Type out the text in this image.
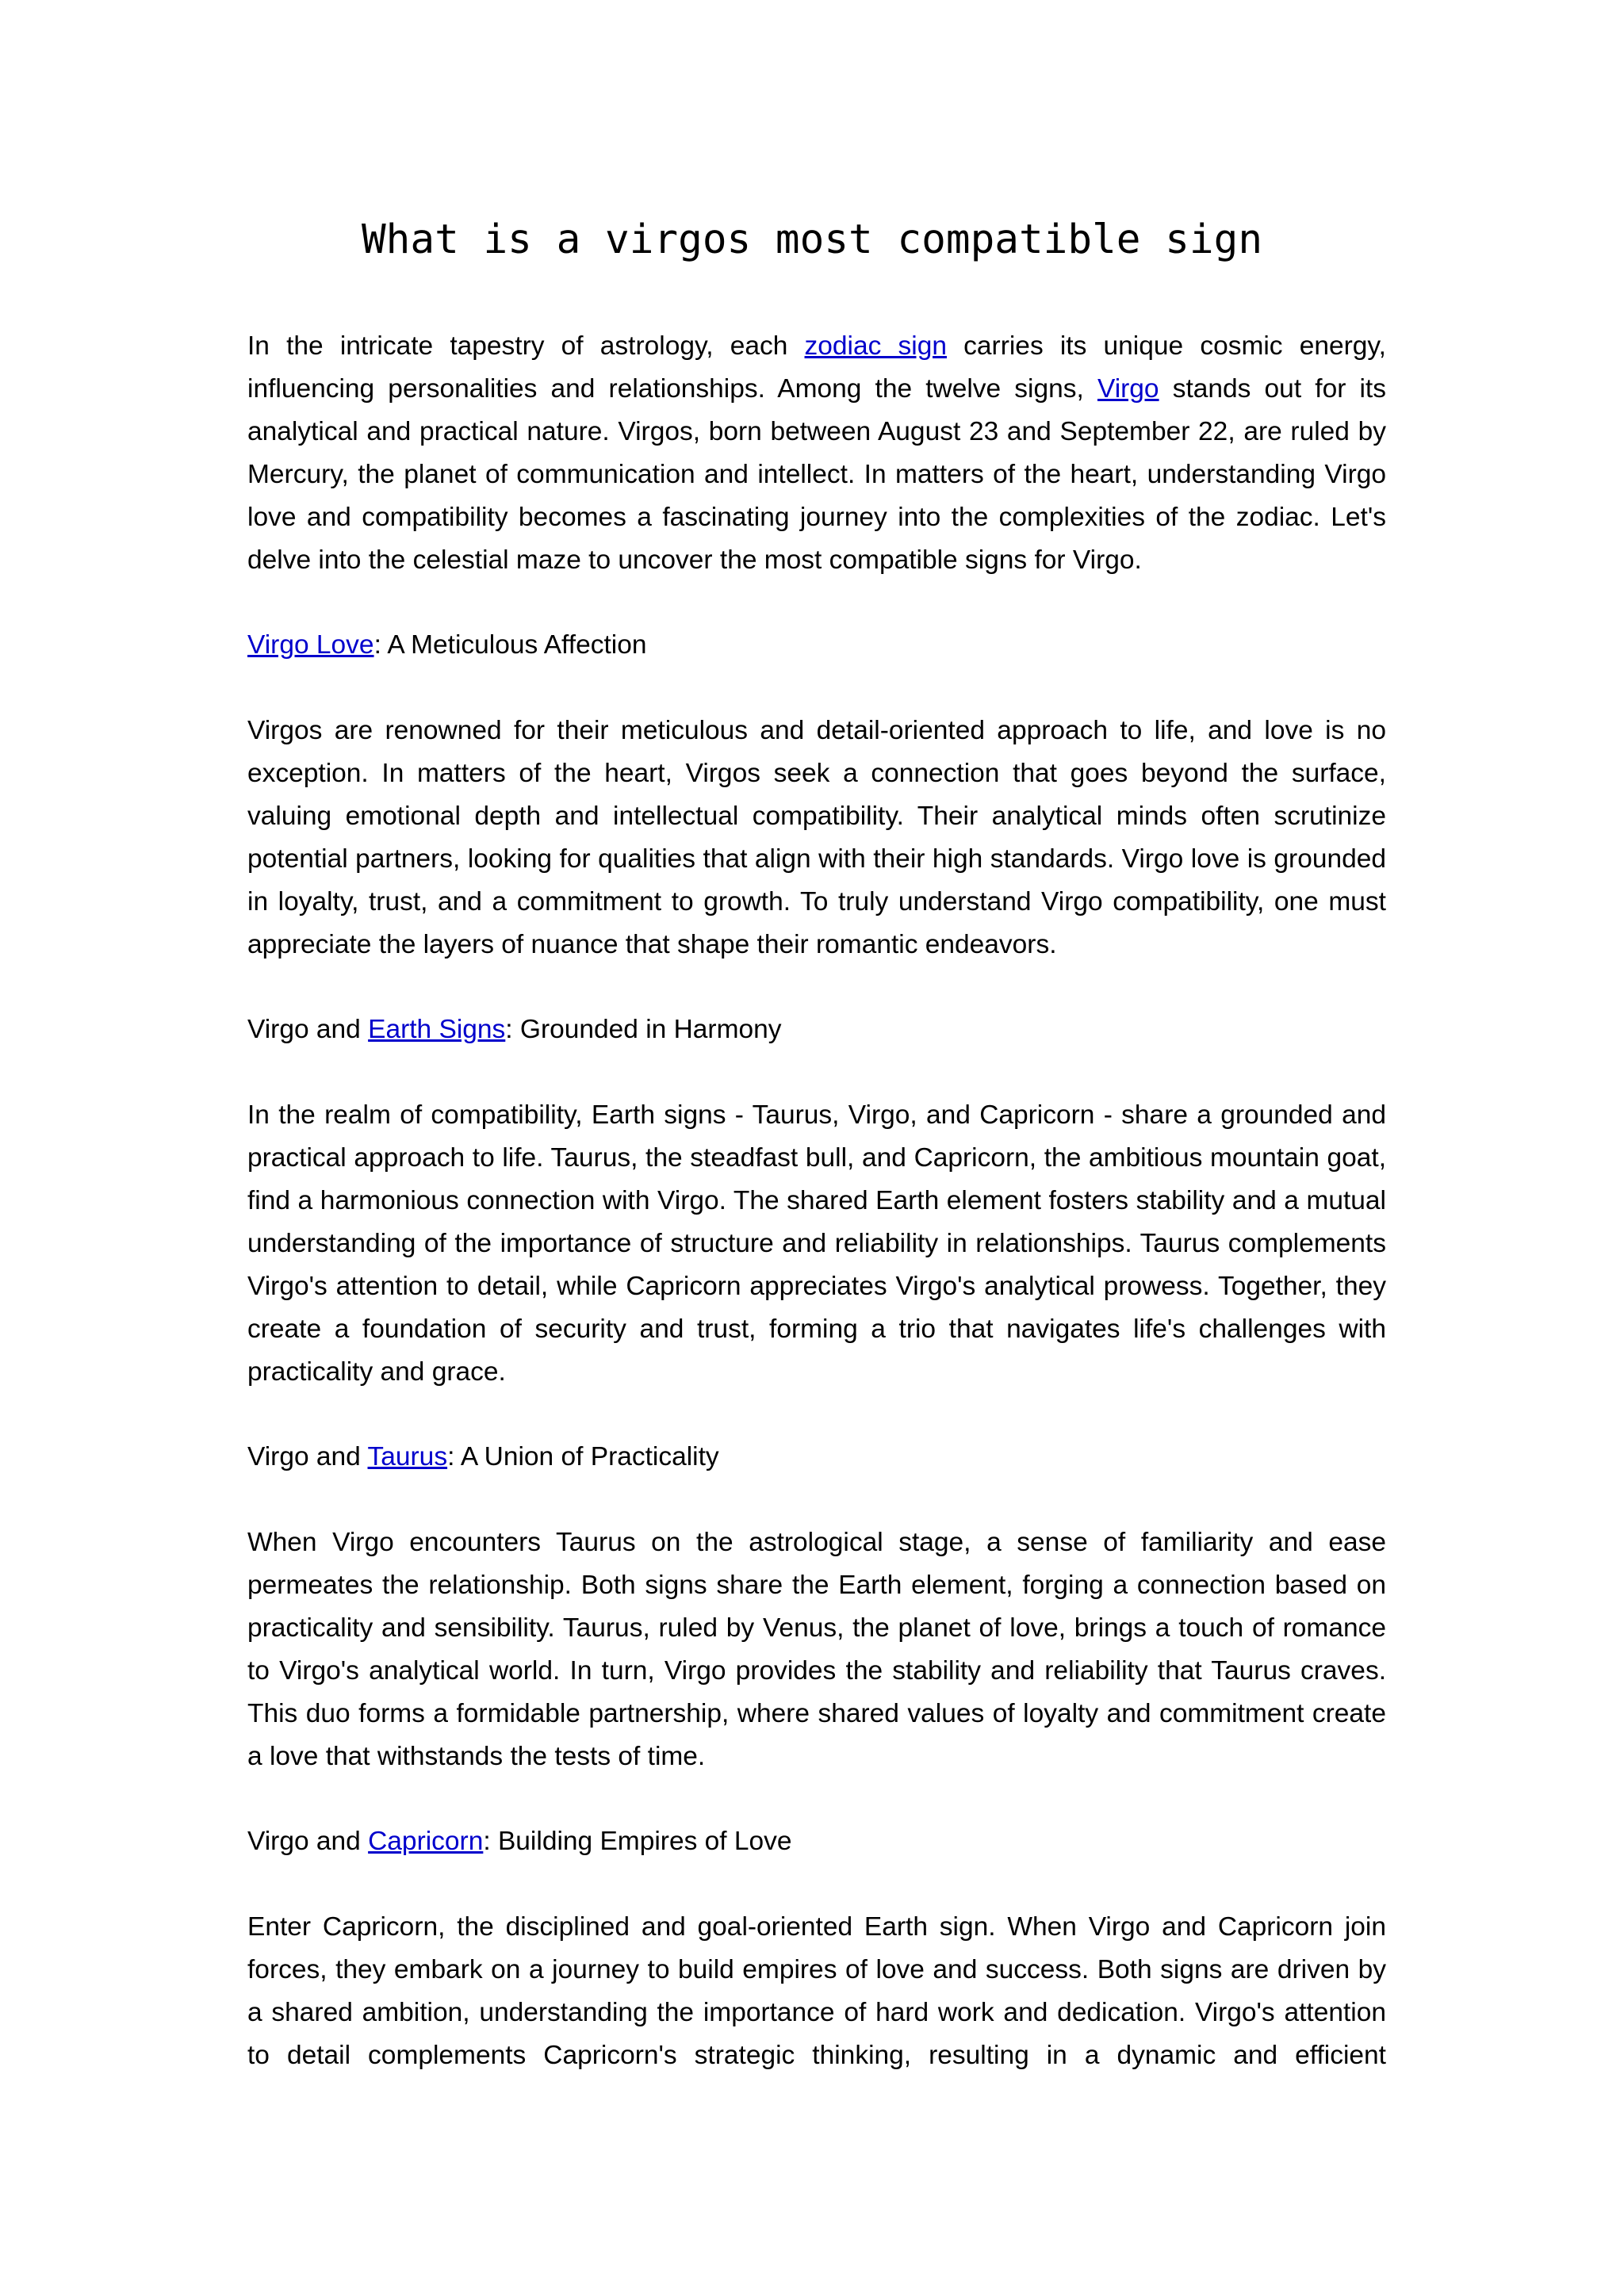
What is a virgos most compatible sign

In the intricate tapestry of astrology, each zodiac sign carries its unique cosmic energy, influencing personalities and relationships. Among the twelve signs, Virgo stands out for its analytical and practical nature. Virgos, born between August 23 and September 22, are ruled by Mercury, the planet of communication and intellect. In matters of the heart, understanding Virgo love and compatibility becomes a fascinating journey into the complexities of the zodiac. Let's delve into the celestial maze to uncover the most compatible signs for Virgo.

Virgo Love: A Meticulous Affection

Virgos are renowned for their meticulous and detail-oriented approach to life, and love is no exception. In matters of the heart, Virgos seek a connection that goes beyond the surface, valuing emotional depth and intellectual compatibility. Their analytical minds often scrutinize potential partners, looking for qualities that align with their high standards. Virgo love is grounded in loyalty, trust, and a commitment to growth. To truly understand Virgo compatibility, one must appreciate the layers of nuance that shape their romantic endeavors.

Virgo and Earth Signs: Grounded in Harmony

In the realm of compatibility, Earth signs - Taurus, Virgo, and Capricorn - share a grounded and practical approach to life. Taurus, the steadfast bull, and Capricorn, the ambitious mountain goat, find a harmonious connection with Virgo. The shared Earth element fosters stability and a mutual understanding of the importance of structure and reliability in relationships. Taurus complements Virgo's attention to detail, while Capricorn appreciates Virgo's analytical prowess. Together, they create a foundation of security and trust, forming a trio that navigates life's challenges with practicality and grace.

Virgo and Taurus: A Union of Practicality

When Virgo encounters Taurus on the astrological stage, a sense of familiarity and ease permeates the relationship. Both signs share the Earth element, forging a connection based on practicality and sensibility. Taurus, ruled by Venus, the planet of love, brings a touch of romance to Virgo's analytical world. In turn, Virgo provides the stability and reliability that Taurus craves. This duo forms a formidable partnership, where shared values of loyalty and commitment create a love that withstands the tests of time.

Virgo and Capricorn: Building Empires of Love

Enter Capricorn, the disciplined and goal-oriented Earth sign. When Virgo and Capricorn join forces, they embark on a journey to build empires of love and success. Both signs are driven by a shared ambition, understanding the importance of hard work and dedication. Virgo's attention to detail complements Capricorn's strategic thinking, resulting in a dynamic and efficient
